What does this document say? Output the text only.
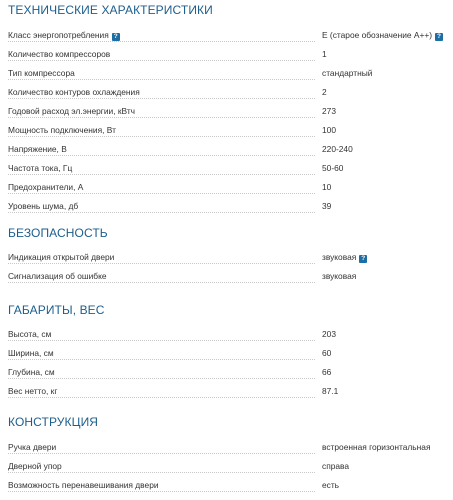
ТЕХНИЧЕСКИЕ ХАРАКТЕРИСТИКИ
Класс энергопотребления ?	E (старое обозначение A++) ?
Количество компрессоров	1
Тип компрессора	стандартный
Количество контуров охлаждения	2
Годовой расход эл.энергии, кВтч	273
Мощность подключения, Вт	100
Напряжение, В	220-240
Частота тока, Гц	50-60
Предохранители, А	10
Уровень шума, дб	39
БЕЗОПАСНОСТЬ
Индикация открытой двери	звуковая ?
Сигнализация об ошибке	звуковая
ГАБАРИТЫ, ВЕС
Высота, см	203
Ширина, см	60
Глубина, см	66
Вес нетто, кг	87.1
КОНСТРУКЦИЯ
Ручка двери	встроенная горизонтальная
Дверной упор	справа
Возможность перенавешивания двери	есть
